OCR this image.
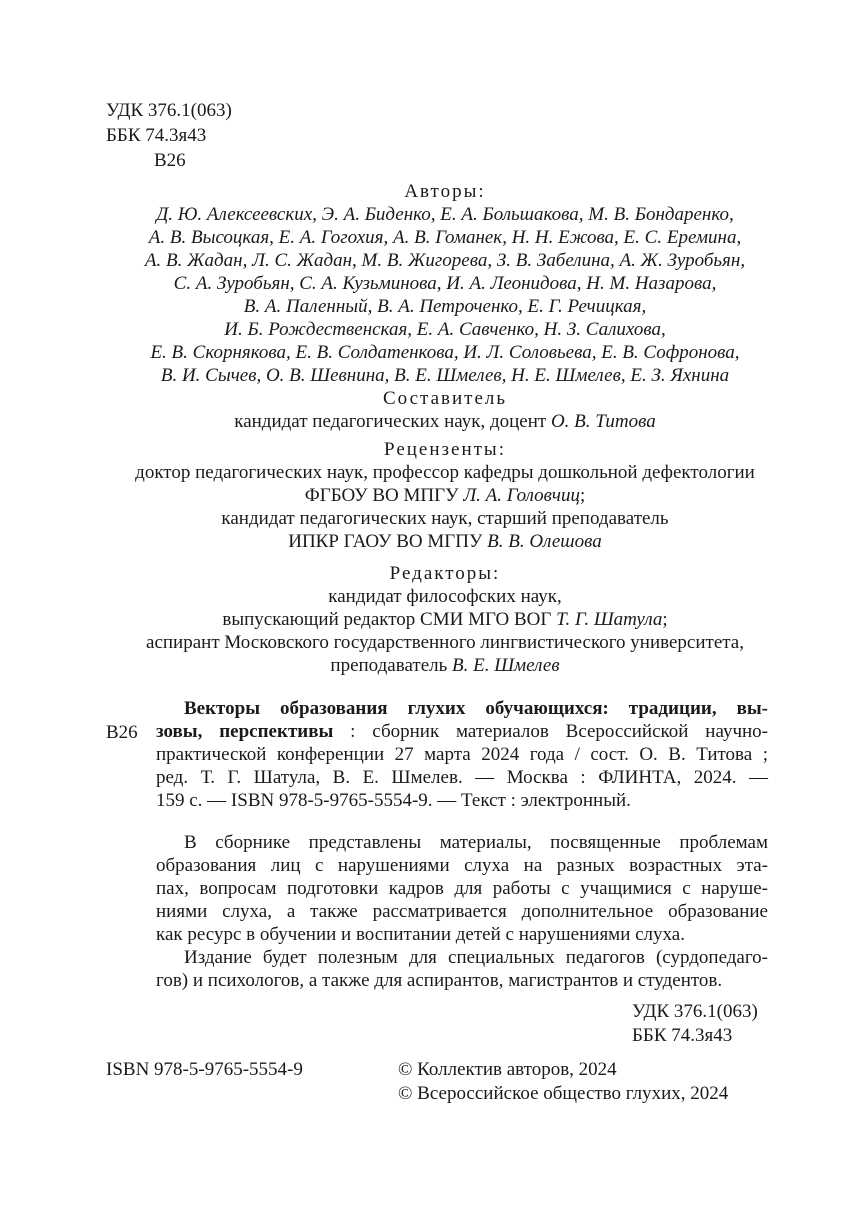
УДК 376.1(063)
ББК 74.3я43
В26
Авторы:
Д. Ю. Алексеевских, Э. А. Биденко, Е. А. Большакова, М. В. Бондаренко,
А. В. Высоцкая, Е. А. Гогохия, А. В. Гоманек, Н. Н. Ежова, Е. С. Еремина,
А. В. Жадан, Л. С. Жадан, М. В. Жигорева, З. В. Забелина, А. Ж. Зуробьян,
С. А. Зуробьян, С. А. Кузьминова, И. А. Леонидова, Н. М. Назарова,
В. А. Паленный, В. А. Петроченко, Е. Г. Речицкая,
И. Б. Рождественская, Е. А. Савченко, Н. З. Салихова,
Е. В. Скорнякова, Е. В. Солдатенкова, И. Л. Соловьева, Е. В. Софронова,
В. И. Сычев, О. В. Шевнина, В. Е. Шмелев, Н. Е. Шмелев, Е. З. Яхнина
Составитель
кандидат педагогических наук, доцент О. В. Титова
Рецензенты:
доктор педагогических наук, профессор кафедры дошкольной дефектологии
ФГБОУ ВО МПГУ Л. А. Головчиц;
кандидат педагогических наук, старший преподаватель
ИПКР ГАОУ ВО МГПУ В. В. Олешова
Редакторы:
кандидат философских наук,
выпускающий редактор СМИ МГО ВОГ Т. Г. Шатула;
аспирант Московского государственного лингвистического университета,
преподаватель В. Е. Шмелев
В26
Векторы образования глухих обучающихся: традиции, вы-
зовы, перспективы : сборник материалов Всероссийской научно-
практической конференции 27 марта 2024 года / сост. О. В. Титова ;
ред. Т. Г. Шатула, В. Е. Шмелев. — Москва : ФЛИНТА, 2024. —
159 с. — ISBN 978-5-9765-5554-9. — Текст : электронный.
В сборнике представлены материалы, посвященные проблемам
образования лиц с нарушениями слуха на разных возрастных эта-
пах, вопросам подготовки кадров для работы с учащимися с наруше-
ниями слуха, а также рассматривается дополнительное образование
как ресурс в обучении и воспитании детей с нарушениями слуха.
Издание будет полезным для специальных педагогов (сурдопедаго-
гов) и психологов, а также для аспирантов, магистрантов и студентов.
УДК 376.1(063)
ББК 74.3я43
ISBN 978-5-9765-5554-9	© Коллектив авторов, 2024
© Всероссийское общество глухих, 2024
